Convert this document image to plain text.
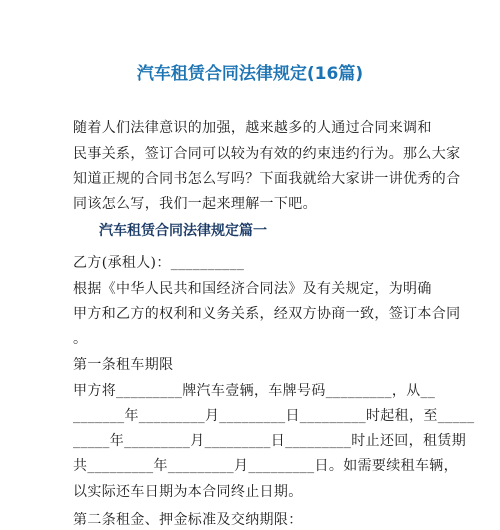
汽车租赁合同法律规定(16篇)
随着人们法律意识的加强，越来越多的人通过合同来调和
民事关系，签订合同可以较为有效的约束违约行为。那么大家
知道正规的合同书怎么写吗？下面我就给大家讲一讲优秀的合
同该怎么写，我们一起来理解一下吧。
汽车租赁合同法律规定篇一
乙方(承租人)：__________
根据《中华人民共和国经济合同法》及有关规定，为明确
甲方和乙方的权利和义务关系，经双方协商一致，签订本合同
。
第一条租车期限
甲方将_________牌汽车壹辆，车牌号码_________，从__
_______年_________月_________日_________时起租，至_____
_____年_________月_________日_________时止还回，租赁期
共_________年_________月_________日。如需要续租车辆，
以实际还车日期为本合同终止日期。
第二条租金、押金标准及交纳期限：
